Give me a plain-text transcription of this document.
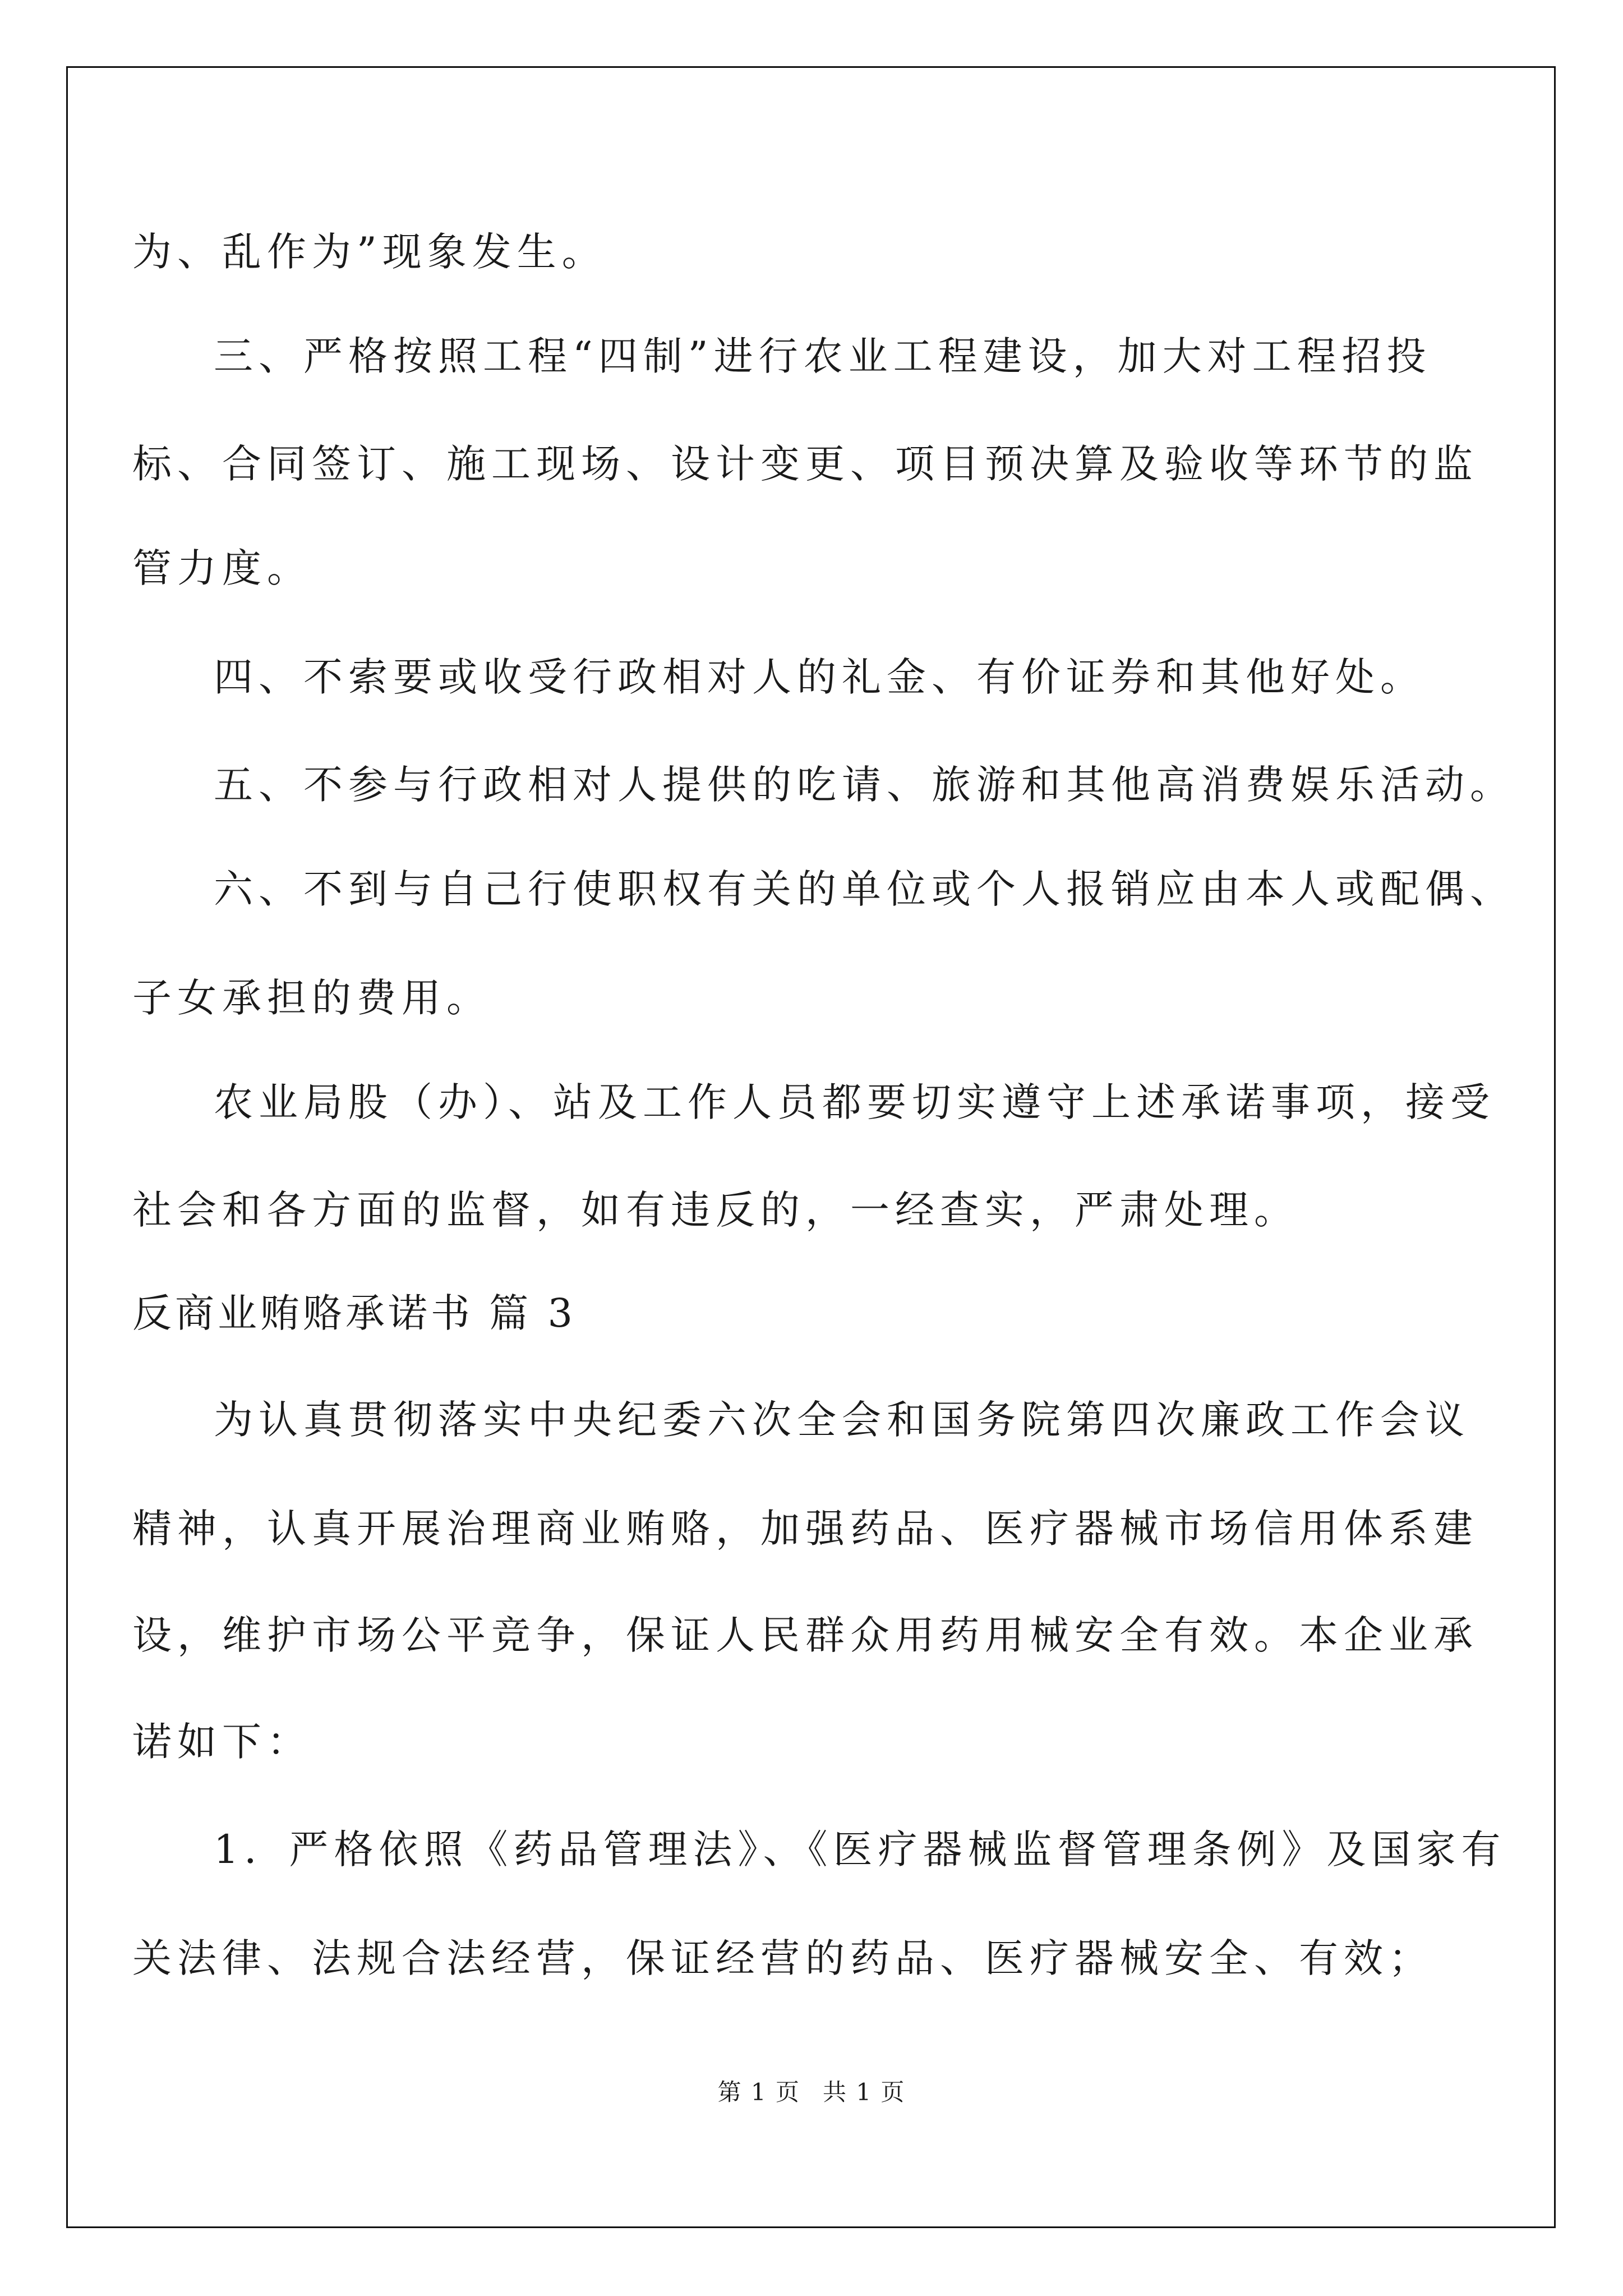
为、乱作为”现象发生。
三、严格按照工程“四制”进行农业工程建设，加大对工程招投
标、合同签订、施工现场、设计变更、项目预决算及验收等环节的监
管力度。
四、不索要或收受行政相对人的礼金、有价证券和其他好处。
五、不参与行政相对人提供的吃请、旅游和其他高消费娱乐活动。
六、不到与自己行使职权有关的单位或个人报销应由本人或配偶、
子女承担的费用。
农业局股（办）、站及工作人员都要切实遵守上述承诺事项，接受
社会和各方面的监督，如有违反的，一经查实，严肃处理。
反商业贿赂承诺书 篇 3
为认真贯彻落实中央纪委六次全会和国务院第四次廉政工作会议
精神，认真开展治理商业贿赂，加强药品、医疗器械市场信用体系建
设，维护市场公平竞争，保证人民群众用药用械安全有效。本企业承
诺如下：
1．严格依照《药品管理法》、《医疗器械监督管理条例》及国家有
关法律、法规合法经营，保证经营的药品、医疗器械安全、有效；
第 1 页 共 1 页
